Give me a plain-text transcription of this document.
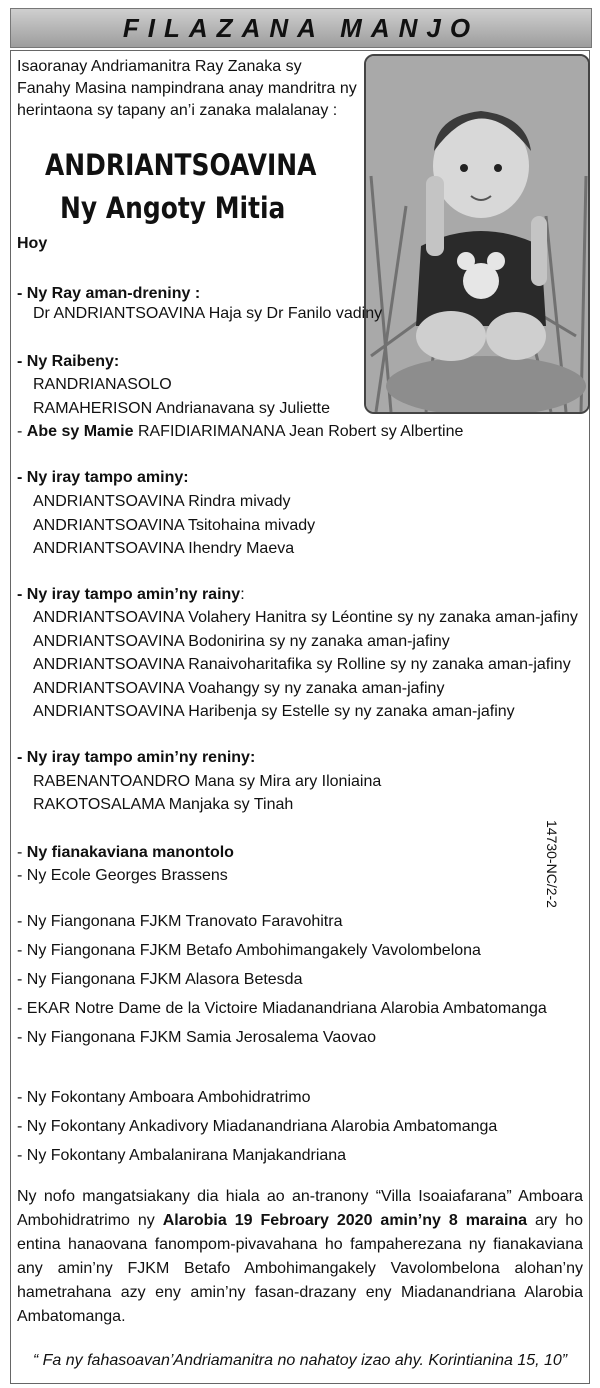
FILAZANA MANJO
Isaoranay Andriamanitra Ray Zanaka sy Fanahy Masina nampindrana anay mandritra ny herintaona sy tapany an’i zanaka malalanay :
ANDRIANTSOAVINA
Ny Angoty Mitia
Hoy
- Ny Ray aman-dreniny :
Dr ANDRIANTSOAVINA Haja sy Dr Fanilo vadiny
- Ny Raibeny:
RANDRIANASOLO
RAMAHERISON Andrianavana sy Juliette
- Abe sy Mamie RAFIDIARIMANANA Jean Robert sy Albertine
- Ny iray tampo aminy:
ANDRIANTSOAVINA Rindra mivady
ANDRIANTSOAVINA Tsitohaina mivady
ANDRIANTSOAVINA Ihendry Maeva
- Ny iray tampo amin’ny rainy:
ANDRIANTSOAVINA Volahery Hanitra sy Léontine sy ny zanaka aman-jafiny
ANDRIANTSOAVINA Bodonirina sy ny zanaka aman-jafiny
ANDRIANTSOAVINA Ranaivoharitafika sy Rolline sy ny zanaka aman-jafiny
ANDRIANTSOAVINA Voahangy sy ny zanaka aman-jafiny
ANDRIANTSOAVINA Haribenja sy Estelle sy ny zanaka aman-jafiny
- Ny iray tampo amin’ny reniny:
RABENANTOANDRO Mana sy Mira ary Iloniaina
RAKOTOSALAMA Manjaka sy Tinah
- Ny fianakaviana manontolo
- Ny Ecole Georges Brassens
- Ny Fiangonana FJKM Tranovato Faravohitra
- Ny Fiangonana FJKM Betafo Ambohimangakely Vavolombelona
- Ny Fiangonana FJKM Alasora Betesda
- EKAR Notre Dame de la Victoire Miadanandriana Alarobia Ambatomanga
- Ny Fiangonana FJKM Samia Jerosalema Vaovao
- Ny Fokontany Amboara Ambohidratrimo
- Ny Fokontany Ankadivory Miadanandriana Alarobia Ambatomanga
- Ny Fokontany Ambalanirana Manjakandriana
14730-NC/2-2
Ny nofo mangatsiakany dia hiala ao an-tranony “Villa Isoaiafarana” Amboara Ambohidratrimo ny Alarobia 19 Febroary 2020 amin’ny 8 maraina ary ho entina hanaovana fanompom-pivavahana ho fampaherezana ny fianakaviana any amin’ny FJKM Betafo Ambohimangakely Vavolombelona alohan’ny hametrahana azy eny amin’ny fasan-drazany eny Miadanandriana Alarobia Ambatomanga.
“ Fa ny fahasoavan’Andriamanitra no nahatoy izao ahy. Korintianina 15, 10”
